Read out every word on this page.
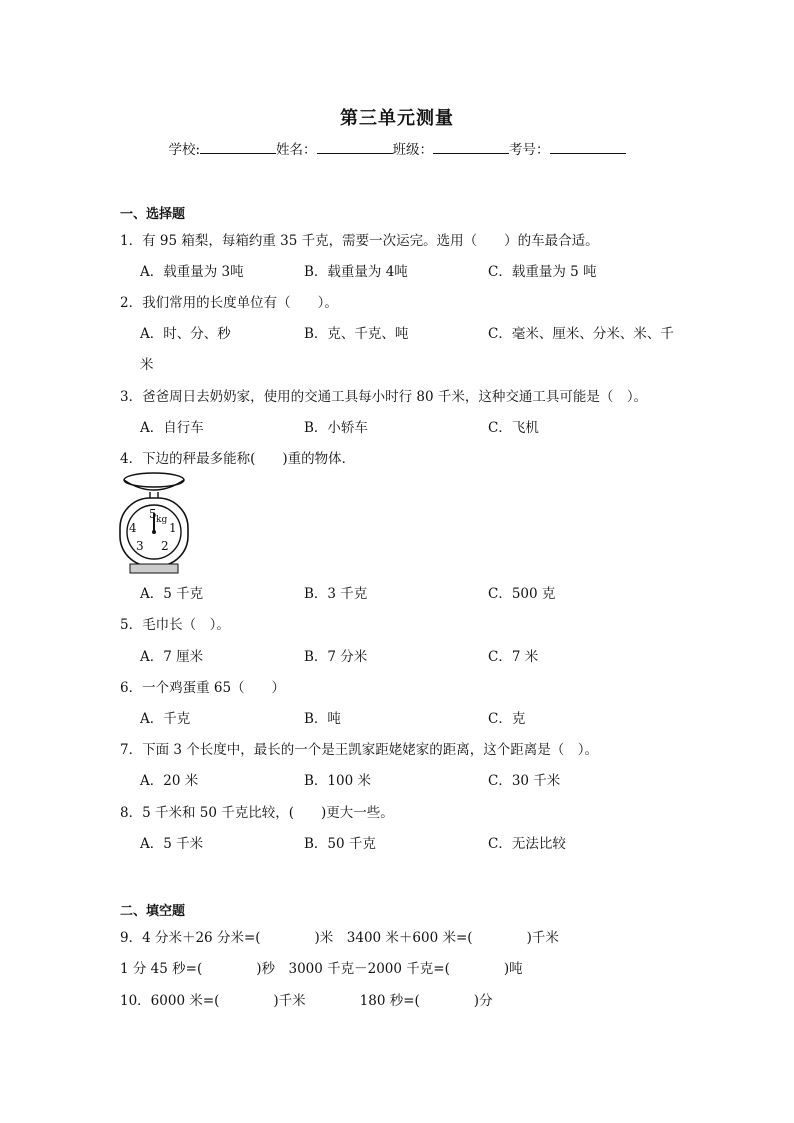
第三单元测量
学校:	姓名：	班级：	考号：
一、选择题
1．有 95 箱梨，每箱约重 35 千克，需要一次运完。选用（　　）的车最合适。
A．载重量为 3吨	B．载重量为 4吨	C．载重量为 5 吨
2．我们常用的长度单位有（　　）。
A．时、分、秒	B．克、千克、吨	C．毫米、厘米、分米、米、千
米
3．爸爸周日去奶奶家，使用的交通工具每小时行 80 千米，这种交通工具可能是（　）。
A．自行车	B．小轿车	C．飞机
4．下边的秤最多能称(　　)重的物体．
5
1
2
3
4
kg
A．5 千克	B．3 千克	C．500 克
5．毛巾长（　）。
A．7 厘米	B．7 分米	C．7 米
6．一个鸡蛋重 65（　　）
A．千克	B．吨	C．克
7．下面 3 个长度中，最长的一个是王凯家距姥姥家的距离，这个距离是（　）。
A．20 米	B．100 米	C．30 千米
8．5 千米和 50 千克比较，(　　)更大一些。
A．5 千米	B．50 千克	C．无法比较
二、填空题
9．4 分米＋26 分米=(　　　　)米　3400 米＋600 米=(　　　　)千米
1 分 45 秒=(　　　　)秒　3000 千克－2000 千克=(　　　　)吨
10．6000 米=(　　　　)千米　　　　180 秒=(　　　　)分
